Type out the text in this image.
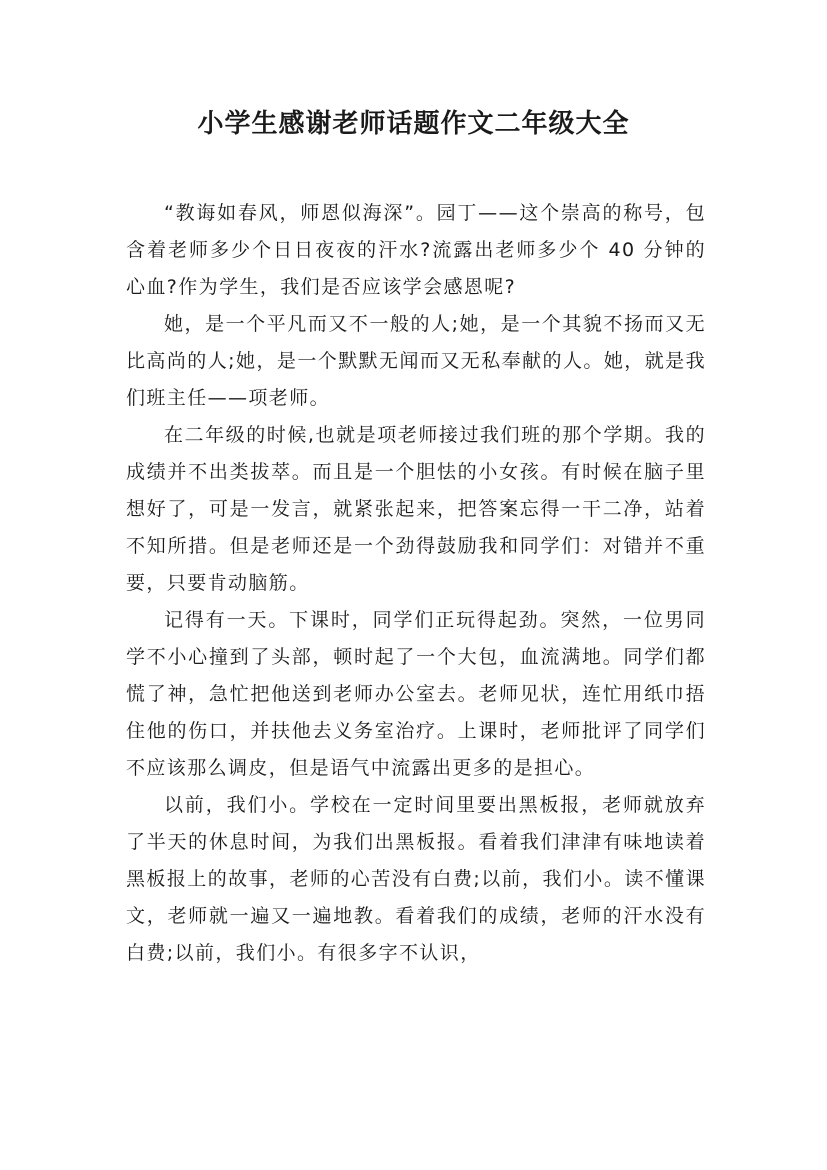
小学生感谢老师话题作文二年级大全

“教诲如春风，师恩似海深”。园丁——这个崇高的称号，包含着老师多少个日日夜夜的汗水?流露出老师多少个 40 分钟的心血?作为学生，我们是否应该学会感恩呢?

她，是一个平凡而又不一般的人;她，是一个其貌不扬而又无比高尚的人;她，是一个默默无闻而又无私奉献的人。她，就是我们班主任——项老师。

在二年级的时候,也就是项老师接过我们班的那个学期。我的成绩并不出类拔萃。而且是一个胆怯的小女孩。有时候在脑子里想好了，可是一发言，就紧张起来，把答案忘得一干二净，站着不知所措。但是老师还是一个劲得鼓励我和同学们：对错并不重要，只要肯动脑筋。

记得有一天。下课时，同学们正玩得起劲。突然，一位男同学不小心撞到了头部，顿时起了一个大包，血流满地。同学们都慌了神，急忙把他送到老师办公室去。老师见状，连忙用纸巾捂住他的伤口，并扶他去义务室治疗。上课时，老师批评了同学们不应该那么调皮，但是语气中流露出更多的是担心。

以前，我们小。学校在一定时间里要出黑板报，老师就放弃了半天的休息时间，为我们出黑板报。看着我们津津有味地读着黑板报上的故事，老师的心苦没有白费;以前，我们小。读不懂课文，老师就一遍又一遍地教。看着我们的成绩，老师的汗水没有白费;以前，我们小。有很多字不认识，
